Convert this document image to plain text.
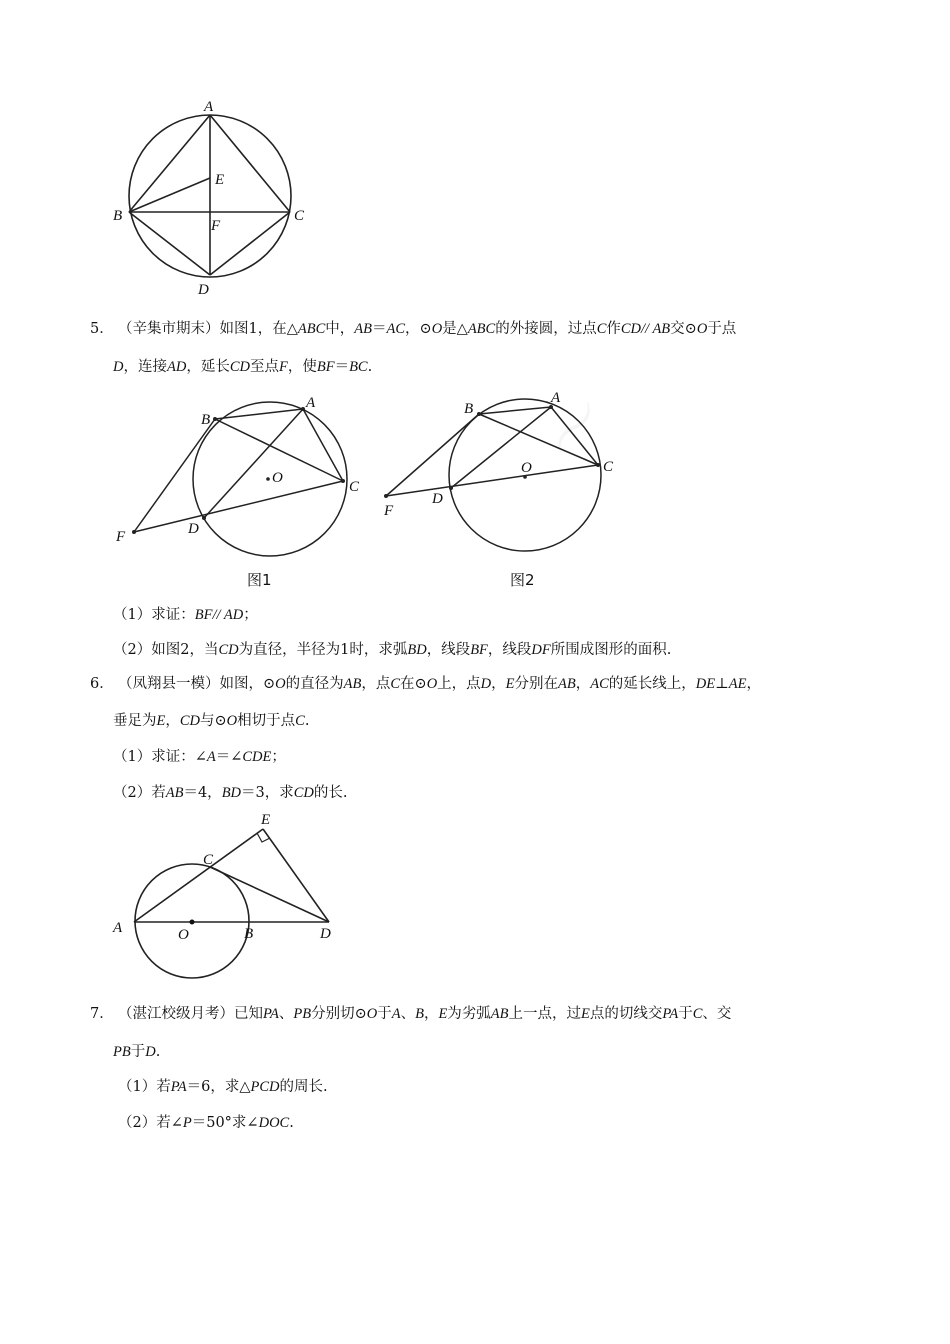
A
B	C
D
E
F
5． （辛集市期末）如图1，在△ABC中，AB＝AC，⊙O是△ABC的外接圆，过点C作CD// AB交⊙O于点
D，连接AD，延长CD至点F，使BF＝BC.
A
B
C
D
F
O
图1
A
B
C
D
F
O
图2
（1）求证：BF// AD；
（2）如图2，当CD为直径，半径为1时，求弧BD，线段BF，线段DF所围成图形的面积.
6． （凤翔县一模）如图，⊙O的直径为AB，点C在⊙O上，点D，E分别在AB，AC的延长线上，DE⊥AE，
垂足为E，CD与⊙O相切于点C.
（1）求证：∠A＝∠CDE；
（2）若AB＝4，BD＝3，求CD的长.
A	B
C
D
E
O
7． （湛江校级月考）已知PA、PB分别切⊙O于A、B，E为劣弧AB上一点，过E点的切线交PA于C、交
PB于D.
（1）若PA＝6，求△PCD的周长.
（2）若∠P＝50°求∠DOC.
